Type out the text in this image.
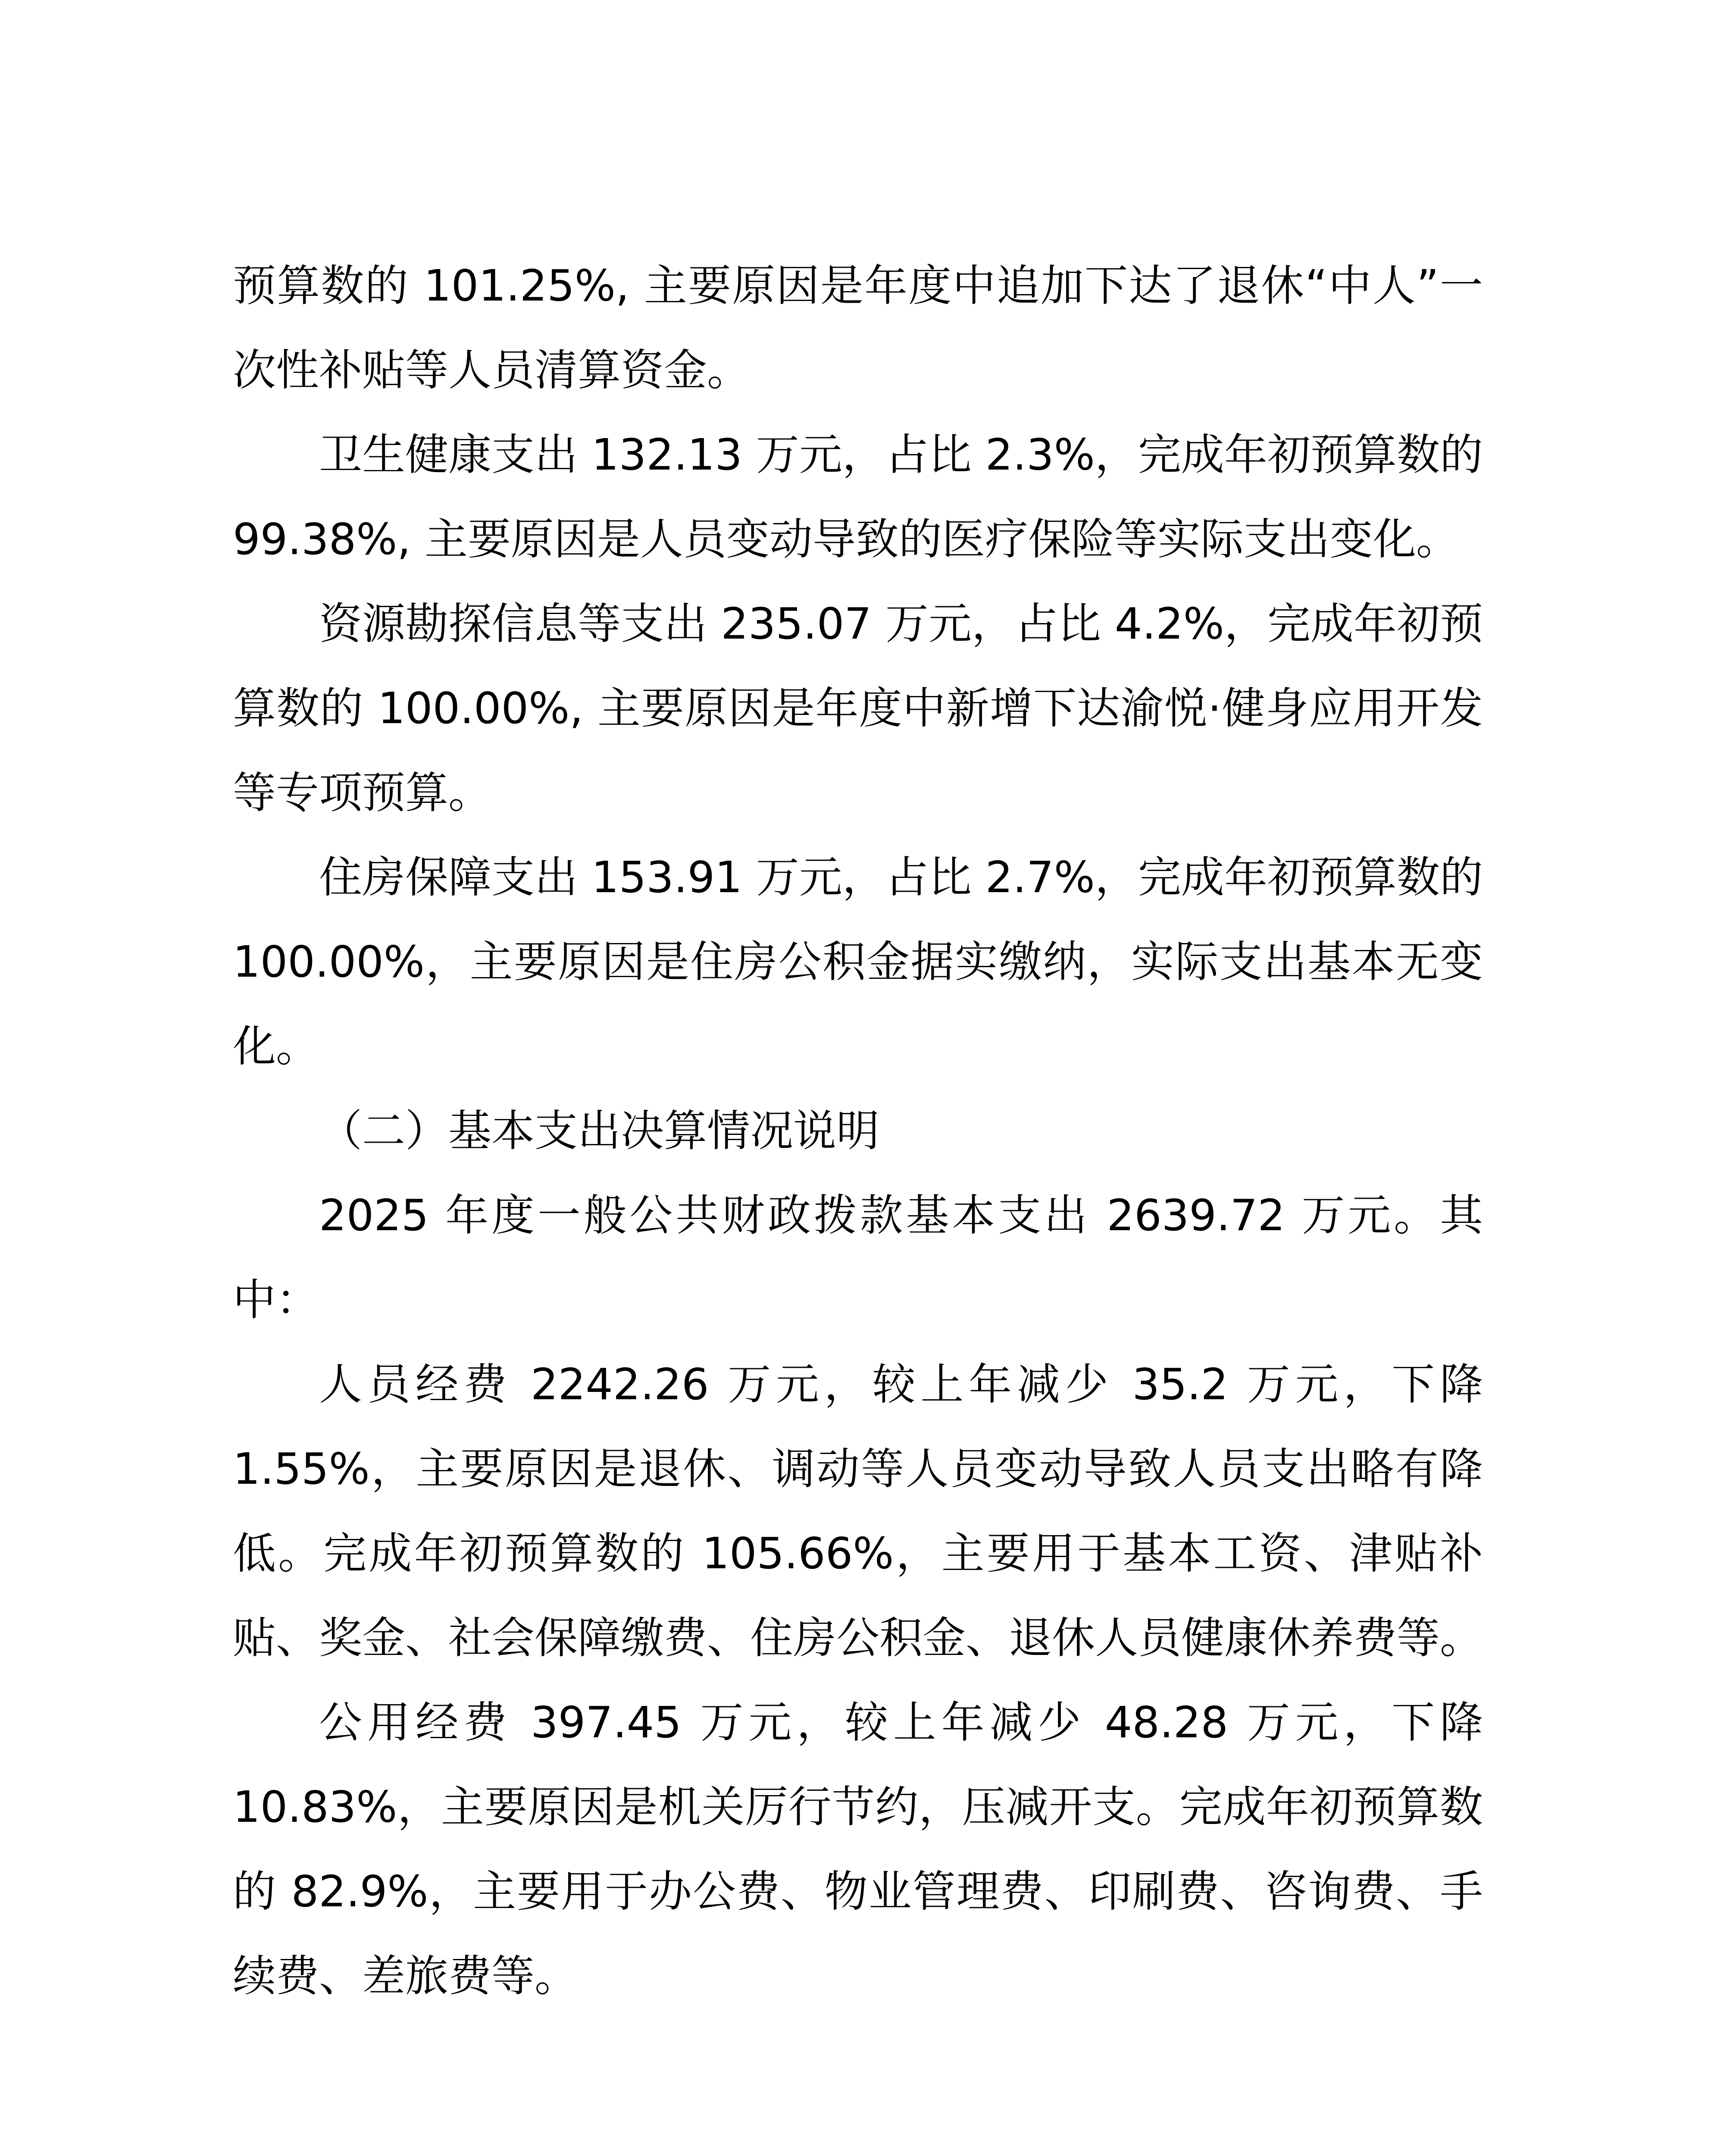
预算数的 101.25%, 主要原因是年度中追加下达了退休“中人”一次性补贴等人员清算资金。

卫生健康支出 132.13 万元，占比 2.3%，完成年初预算数的 99.38%, 主要原因是人员变动导致的医疗保险等实际支出变化。

资源勘探信息等支出 235.07 万元，占比 4.2%，完成年初预算数的 100.00%, 主要原因是年度中新增下达渝悦·健身应用开发等专项预算。

住房保障支出 153.91 万元，占比 2.7%，完成年初预算数的 100.00%，主要原因是住房公积金据实缴纳，实际支出基本无变化。

（二）基本支出决算情况说明

2025 年度一般公共财政拨款基本支出 2639.72 万元。其中：

人员经费 2242.26 万元，较上年减少 35.2 万元，下降 1.55%，主要原因是退休、调动等人员变动导致人员支出略有降低。完成年初预算数的 105.66%，主要用于基本工资、津贴补贴、奖金、社会保障缴费、住房公积金、退休人员健康休养费等。

公用经费 397.45 万元，较上年减少 48.28 万元，下降 10.83%，主要原因是机关厉行节约，压减开支。完成年初预算数的 82.9%，主要用于办公费、物业管理费、印刷费、咨询费、手续费、差旅费等。
